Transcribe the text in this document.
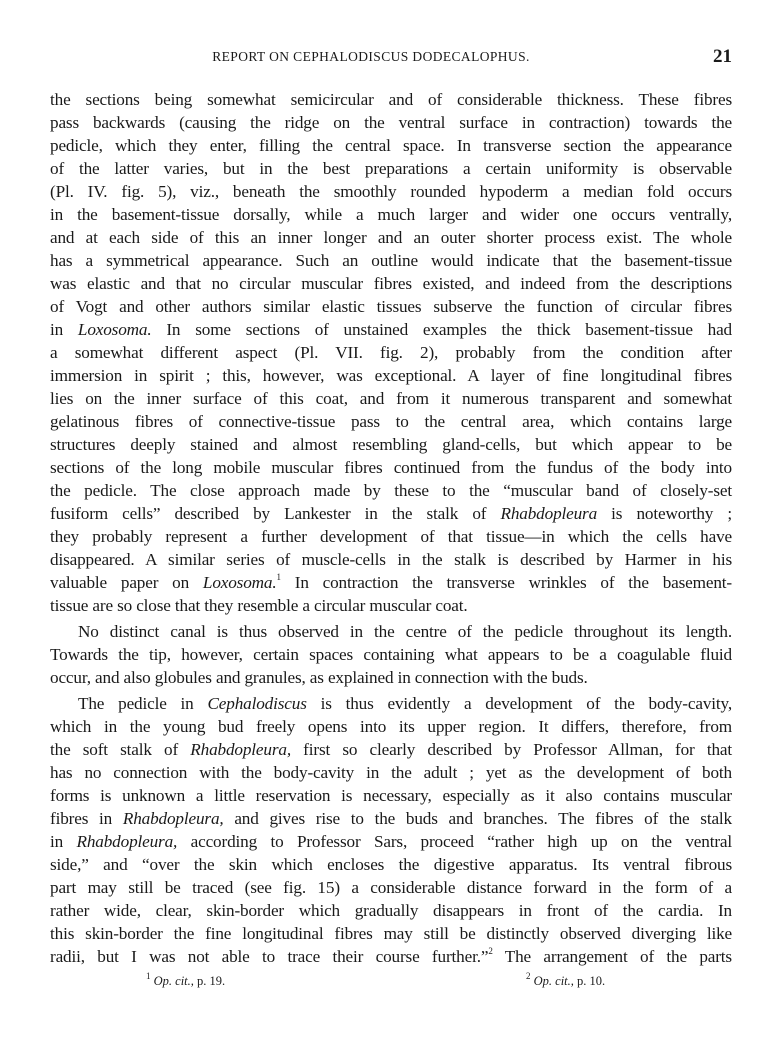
REPORT ON CEPHALODISCUS DODECALOPHUS.	21
the sections being somewhat semicircular and of considerable thickness. These fibres
pass backwards (causing the ridge on the ventral surface in contraction) towards the
pedicle, which they enter, filling the central space. In transverse section the appearance
of the latter varies, but in the best preparations a certain uniformity is observable
(Pl. IV. fig. 5), viz., beneath the smoothly rounded hypoderm a median fold occurs
in the basement-tissue dorsally, while a much larger and wider one occurs ventrally,
and at each side of this an inner longer and an outer shorter process exist. The whole
has a symmetrical appearance. Such an outline would indicate that the basement-tissue
was elastic and that no circular muscular fibres existed, and indeed from the descriptions
of Vogt and other authors similar elastic tissues subserve the function of circular fibres
in Loxosoma. In some sections of unstained examples the thick basement-tissue had
a somewhat different aspect (Pl. VII. fig. 2), probably from the condition after
immersion in spirit ; this, however, was exceptional. A layer of fine longitudinal fibres
lies on the inner surface of this coat, and from it numerous transparent and somewhat
gelatinous fibres of connective-tissue pass to the central area, which contains large
structures deeply stained and almost resembling gland-cells, but which appear to be
sections of the long mobile muscular fibres continued from the fundus of the body into
the pedicle. The close approach made by these to the “muscular band of closely-set
fusiform cells” described by Lankester in the stalk of Rhabdopleura is noteworthy ;
they probably represent a further development of that tissue—in which the cells have
disappeared. A similar series of muscle-cells in the stalk is described by Harmer in his
valuable paper on Loxosoma.$^1$ In contraction the transverse wrinkles of the basement-
tissue are so close that they resemble a circular muscular coat.
No distinct canal is thus observed in the centre of the pedicle throughout its length.
Towards the tip, however, certain spaces containing what appears to be a coagulable fluid
occur, and also globules and granules, as explained in connection with the buds.
The pedicle in Cephalodiscus is thus evidently a development of the body-cavity,
which in the young bud freely opens into its upper region. It differs, therefore, from
the soft stalk of Rhabdopleura, first so clearly described by Professor Allman, for that
has no connection with the body-cavity in the adult ; yet as the development of both
forms is unknown a little reservation is necessary, especially as it also contains muscular
fibres in Rhabdopleura, and gives rise to the buds and branches. The fibres of the stalk
in Rhabdopleura, according to Professor Sars, proceed “rather high up on the ventral
side,” and “over the skin which encloses the digestive apparatus. Its ventral fibrous
part may still be traced (see fig. 15) a considerable distance forward in the form of a
rather wide, clear, skin-border which gradually disappears in front of the cardia. In
this skin-border the fine longitudinal fibres may still be distinctly observed diverging like
radii, but I was not able to trace their course further.”$^2$ The arrangement of the parts
$^1$ Op. cit., p. 19.	$^2$ Op. cit., p. 10.
